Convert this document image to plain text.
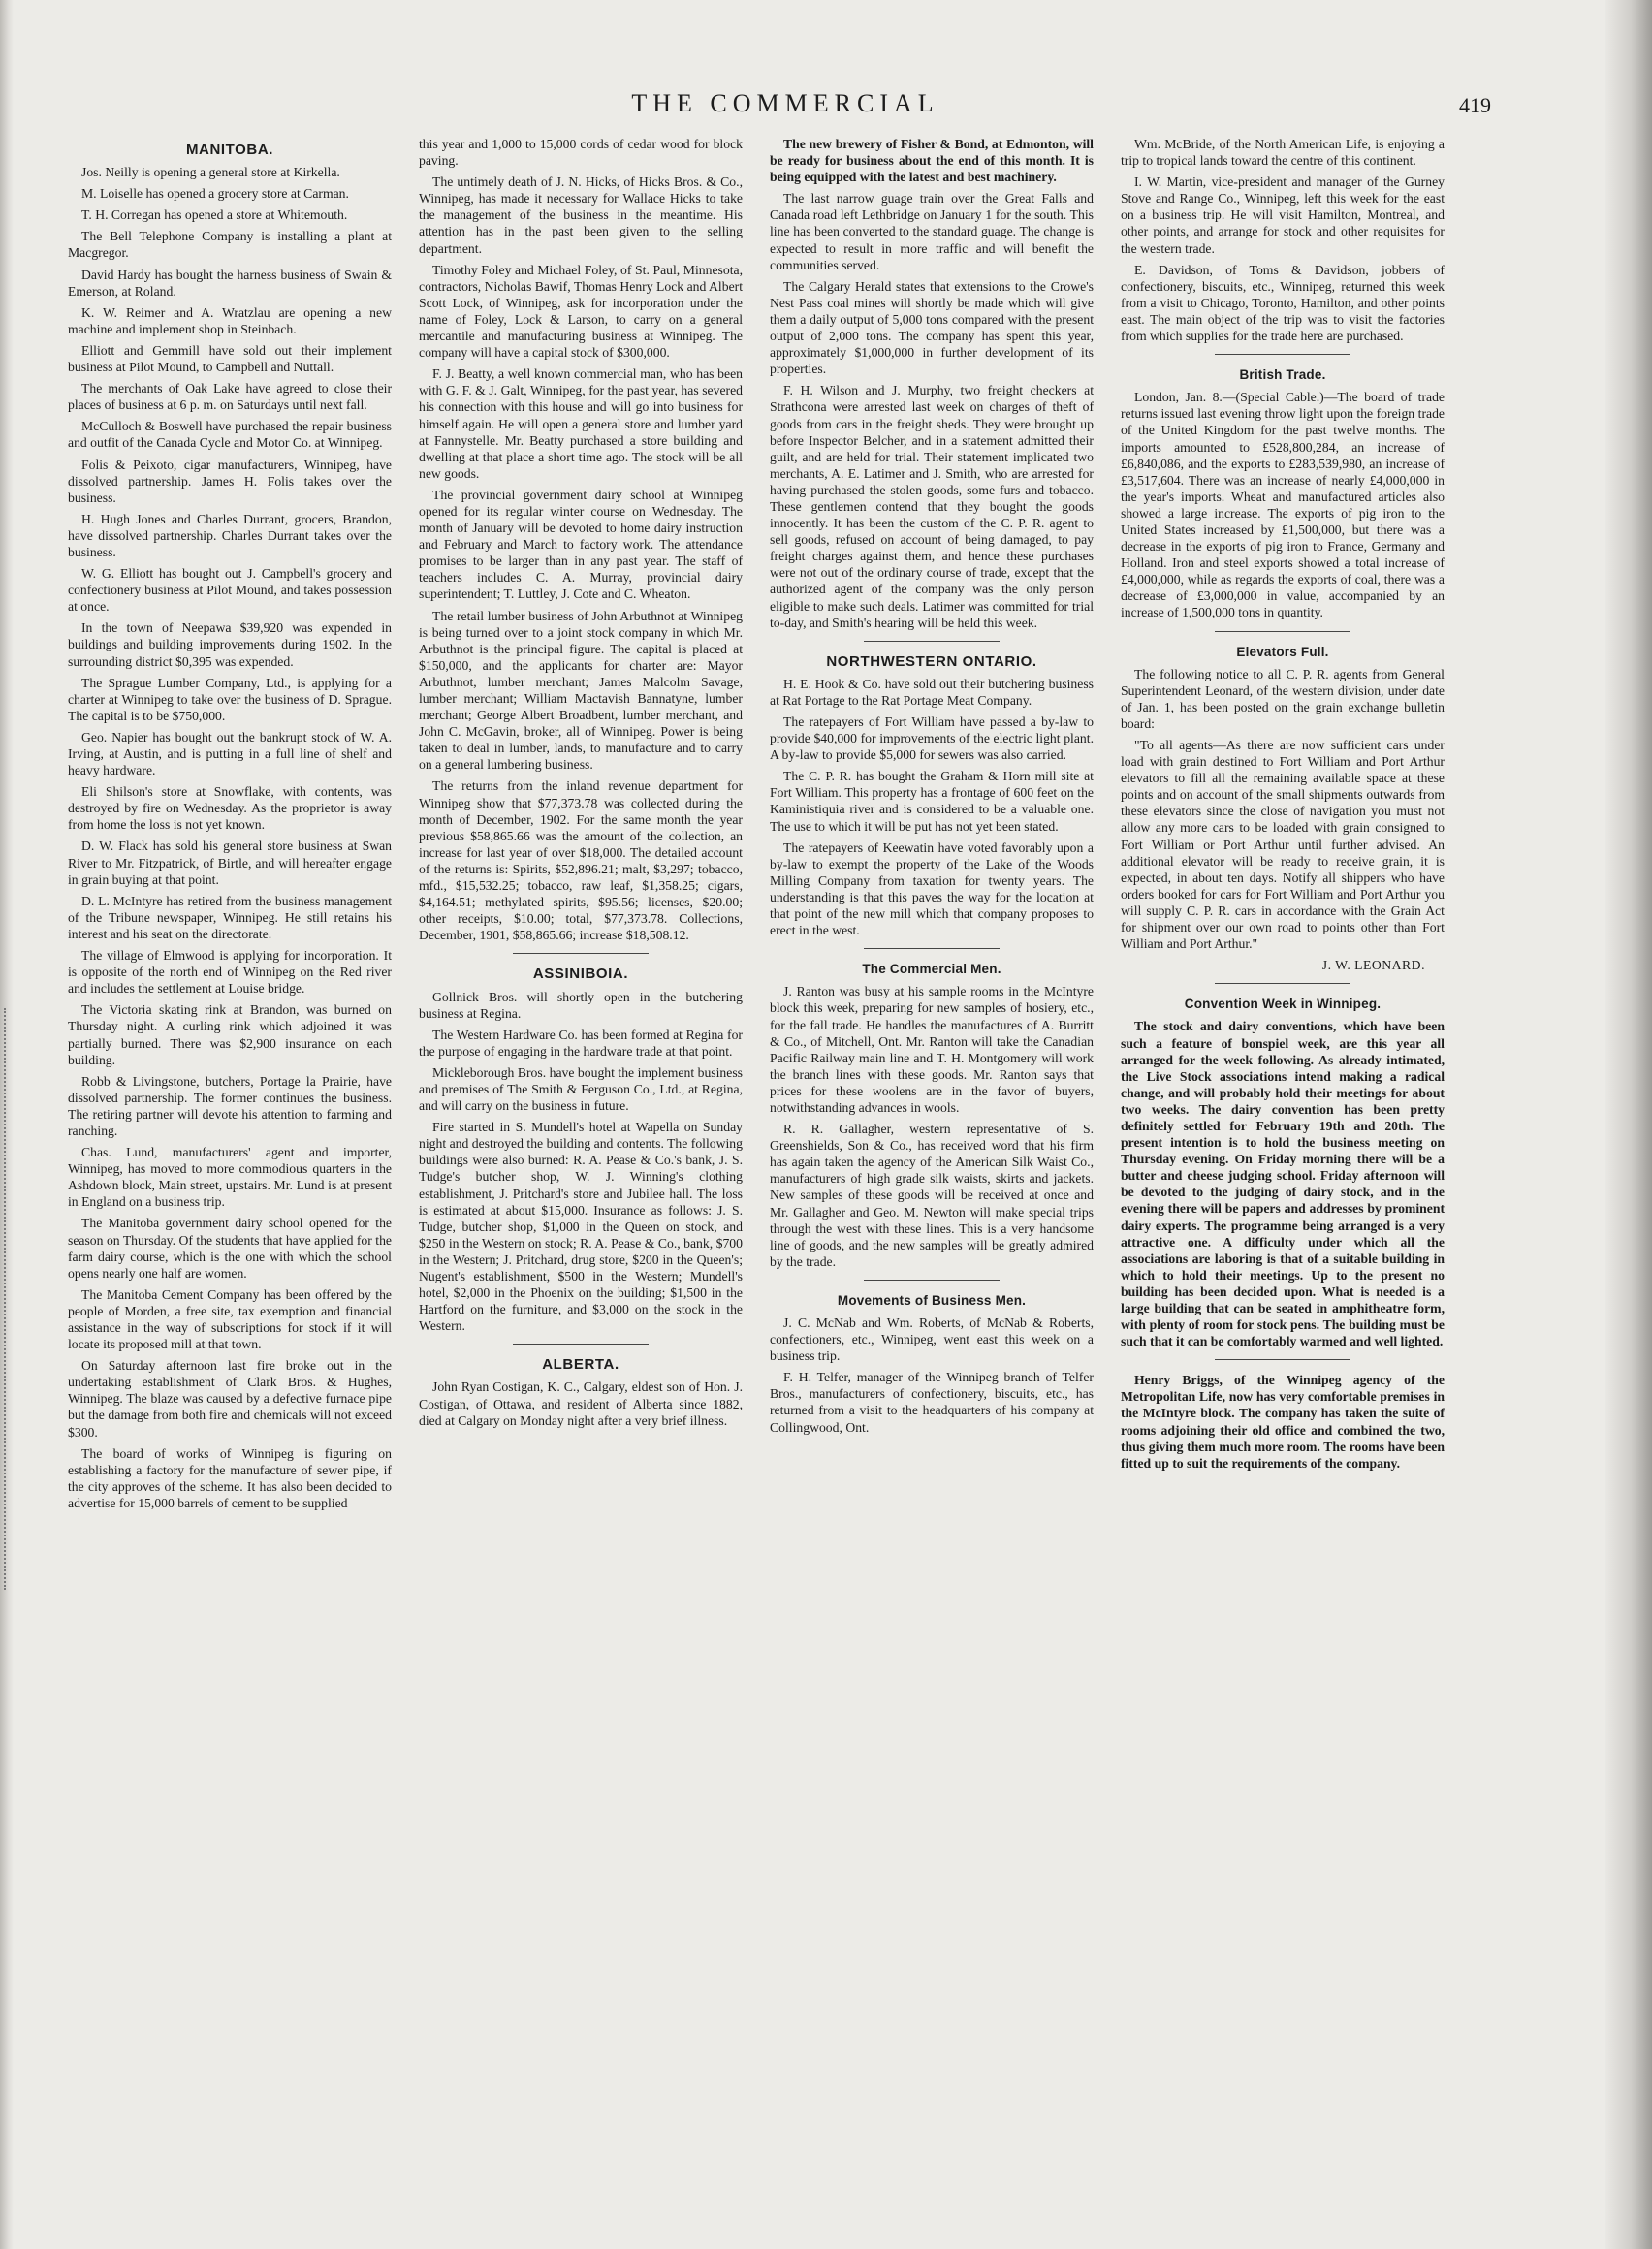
THE COMMERCIAL	419
MANITOBA.

Jos. Neilly is opening a general store at Kirkella.

M. Loiselle has opened a grocery store at Carman.

T. H. Corregan has opened a store at Whitemouth.

The Bell Telephone Company is installing a plant at Macgregor.

David Hardy has bought the harness business of Swain & Emerson, at Roland.

K. W. Reimer and A. Wratzlau are opening a new machine and implement shop in Steinbach.

Elliott and Gemmill have sold out their implement business at Pilot Mound, to Campbell and Nuttall.

The merchants of Oak Lake have agreed to close their places of business at 6 p. m. on Saturdays until next fall.

McCulloch & Boswell have purchased the repair business and outfit of the Canada Cycle and Motor Co. at Winnipeg.

Folis & Peixoto, cigar manufacturers, Winnipeg, have dissolved partnership. James H. Folis takes over the business.

H. Hugh Jones and Charles Durrant, grocers, Brandon, have dissolved partnership. Charles Durrant takes over the business.

W. G. Elliott has bought out J. Campbell's grocery and confectionery business at Pilot Mound, and takes possession at once.

In the town of Neepawa $39,920 was expended in buildings and building improvements during 1902. In the surrounding district $0,395 was expended.

The Sprague Lumber Company, Ltd., is applying for a charter at Winnipeg to take over the business of D. Sprague. The capital is to be $750,000.

Geo. Napier has bought out the bankrupt stock of W. A. Irving, at Austin, and is putting in a full line of shelf and heavy hardware.

Eli Shilson's store at Snowflake, with contents, was destroyed by fire on Wednesday. As the proprietor is away from home the loss is not yet known.

D. W. Flack has sold his general store business at Swan River to Mr. Fitzpatrick, of Birtle, and will hereafter engage in grain buying at that point.

D. L. McIntyre has retired from the business management of the Tribune newspaper, Winnipeg. He still retains his interest and his seat on the directorate.

The village of Elmwood is applying for incorporation. It is opposite of the north end of Winnipeg on the Red river and includes the settlement at Louise bridge.

The Victoria skating rink at Brandon, was burned on Thursday night. A curling rink which adjoined it was partially burned. There was $2,900 insurance on each building.

Robb & Livingstone, butchers, Portage la Prairie, have dissolved partnership. The former continues the business. The retiring partner will devote his attention to farming and ranching.

Chas. Lund, manufacturers' agent and importer, Winnipeg, has moved to more commodious quarters in the Ashdown block, Main street, upstairs. Mr. Lund is at present in England on a business trip.

The Manitoba government dairy school opened for the season on Thursday. Of the students that have applied for the farm dairy course, which is the one with which the school opens nearly one half are women.

The Manitoba Cement Company has been offered by the people of Morden, a free site, tax exemption and financial assistance in the way of subscriptions for stock if it will locate its proposed mill at that town.

On Saturday afternoon last fire broke out in the undertaking establishment of Clark Bros. & Hughes, Winnipeg. The blaze was caused by a defective furnace pipe but the damage from both fire and chemicals will not exceed $300.

The board of works of Winnipeg is figuring on establishing a factory for the manufacture of sewer pipe, if the city approves of the scheme. It has also been decided to advertise for 15,000 barrels of cement to be supplied

this year and 1,000 to 15,000 cords of cedar wood for block paving.

The untimely death of J. N. Hicks, of Hicks Bros. & Co., Winnipeg, has made it necessary for Wallace Hicks to take the management of the business in the meantime. His attention has in the past been given to the selling department.

Timothy Foley and Michael Foley, of St. Paul, Minnesota, contractors, Nicholas Bawif, Thomas Henry Lock and Albert Scott Lock, of Winnipeg, ask for incorporation under the name of Foley, Lock & Larson, to carry on a general mercantile and manufacturing business at Winnipeg. The company will have a capital stock of $300,000.

F. J. Beatty, a well known commercial man, who has been with G. F. & J. Galt, Winnipeg, for the past year, has severed his connection with this house and will go into business for himself again. He will open a general store and lumber yard at Fannystelle. Mr. Beatty purchased a store building and dwelling at that place a short time ago. The stock will be all new goods.

The provincial government dairy school at Winnipeg opened for its regular winter course on Wednesday. The month of January will be devoted to home dairy instruction and February and March to factory work. The attendance promises to be larger than in any past year. The staff of teachers includes C. A. Murray, provincial dairy superintendent; T. Luttley, J. Cote and C. Wheaton.

The retail lumber business of John Arbuthnot at Winnipeg is being turned over to a joint stock company in which Mr. Arbuthnot is the principal figure. The capital is placed at $150,000, and the applicants for charter are: Mayor Arbuthnot, lumber merchant; James Malcolm Savage, lumber merchant; William Mactavish Bannatyne, lumber merchant; George Albert Broadbent, lumber merchant, and John C. McGavin, broker, all of Winnipeg. Power is being taken to deal in lumber, lands, to manufacture and to carry on a general lumbering business.

The returns from the inland revenue department for Winnipeg show that $77,373.78 was collected during the month of December, 1902. For the same month the year previous $58,865.66 was the amount of the collection, an increase for last year of over $18,000. The detailed account of the returns is: Spirits, $52,896.21; malt, $3,297; tobacco, mfd., $15,532.25; tobacco, raw leaf, $1,358.25; cigars, $4,164.51; methylated spirits, $95.56; licenses, $20.00; other receipts, $10.00; total, $77,373.78. Collections, December, 1901, $58,865.66; increase $18,508.12.

ASSINIBOIA.

Gollnick Bros. will shortly open in the butchering business at Regina.

The Western Hardware Co. has been formed at Regina for the purpose of engaging in the hardware trade at that point.

Mickleborough Bros. have bought the implement business and premises of The Smith & Ferguson Co., Ltd., at Regina, and will carry on the business in future.

Fire started in S. Mundell's hotel at Wapella on Sunday night and destroyed the building and contents. The following buildings were also burned: R. A. Pease & Co.'s bank, J. S. Tudge's butcher shop, W. J. Winning's clothing establishment, J. Pritchard's store and Jubilee hall. The loss is estimated at about $15,000. Insurance as follows: J. S. Tudge, butcher shop, $1,000 in the Queen on stock, and $250 in the Western on stock; R. A. Pease & Co., bank, $700 in the Western; J. Pritchard, drug store, $200 in the Queen's; Nugent's establishment, $500 in the Western; Mundell's hotel, $2,000 in the Phoenix on the building; $1,500 in the Hartford on the furniture, and $3,000 on the stock in the Western.

ALBERTA.

John Ryan Costigan, K. C., Calgary, eldest son of Hon. J. Costigan, of Ottawa, and resident of Alberta since 1882, died at Calgary on Monday night after a very brief illness.

The new brewery of Fisher & Bond, at Edmonton, will be ready for business about the end of this month. It is being equipped with the latest and best machinery.

The last narrow guage train over the Great Falls and Canada road left Lethbridge on January 1 for the south. This line has been converted to the standard guage. The change is expected to result in more traffic and will benefit the communities served.

The Calgary Herald states that extensions to the Crowe's Nest Pass coal mines will shortly be made which will give them a daily output of 5,000 tons compared with the present output of 2,000 tons. The company has spent this year, approximately $1,000,000 in further development of its properties.

F. H. Wilson and J. Murphy, two freight checkers at Strathcona were arrested last week on charges of theft of goods from cars in the freight sheds. They were brought up before Inspector Belcher, and in a statement admitted their guilt, and are held for trial. Their statement implicated two merchants, A. E. Latimer and J. Smith, who are arrested for having purchased the stolen goods, some furs and tobacco. These gentlemen contend that they bought the goods innocently. It has been the custom of the C. P. R. agent to sell goods, refused on account of being damaged, to pay freight charges against them, and hence these purchases were not out of the ordinary course of trade, except that the authorized agent of the company was the only person eligible to make such deals. Latimer was committed for trial to-day, and Smith's hearing will be held this week.

NORTHWESTERN ONTARIO.

H. E. Hook & Co. have sold out their butchering business at Rat Portage to the Rat Portage Meat Company.

The ratepayers of Fort William have passed a by-law to provide $40,000 for improvements of the electric light plant. A by-law to provide $5,000 for sewers was also carried.

The C. P. R. has bought the Graham & Horn mill site at Fort William. This property has a frontage of 600 feet on the Kaministiquia river and is considered to be a valuable one. The use to which it will be put has not yet been stated.

The ratepayers of Keewatin have voted favorably upon a by-law to exempt the property of the Lake of the Woods Milling Company from taxation for twenty years. The understanding is that this paves the way for the location at that point of the new mill which that company proposes to erect in the west.

The Commercial Men.

J. Ranton was busy at his sample rooms in the McIntyre block this week, preparing for new samples of hosiery, etc., for the fall trade. He handles the manufactures of A. Burritt & Co., of Mitchell, Ont. Mr. Ranton will take the Canadian Pacific Railway main line and T. H. Montgomery will work the branch lines with these goods. Mr. Ranton says that prices for these woolens are in the favor of buyers, notwithstanding advances in wools.

R. R. Gallagher, western representative of S. Greenshields, Son & Co., has received word that his firm has again taken the agency of the American Silk Waist Co., manufacturers of high grade silk waists, skirts and jackets. New samples of these goods will be received at once and Mr. Gallagher and Geo. M. Newton will make special trips through the west with these lines. This is a very handsome line of goods, and the new samples will be greatly admired by the trade.

Movements of Business Men.

J. C. McNab and Wm. Roberts, of McNab & Roberts, confectioners, etc., Winnipeg, went east this week on a business trip.

F. H. Telfer, manager of the Winnipeg branch of Telfer Bros., manufacturers of confectionery, biscuits, etc., has returned from a visit to the headquarters of his company at Collingwood, Ont.

Wm. McBride, of the North American Life, is enjoying a trip to tropical lands toward the centre of this continent.

I. W. Martin, vice-president and manager of the Gurney Stove and Range Co., Winnipeg, left this week for the east on a business trip. He will visit Hamilton, Montreal, and other points, and arrange for stock and other requisites for the western trade.

E. Davidson, of Toms & Davidson, jobbers of confectionery, biscuits, etc., Winnipeg, returned this week from a visit to Chicago, Toronto, Hamilton, and other points east. The main object of the trip was to visit the factories from which supplies for the trade here are purchased.

British Trade.

London, Jan. 8.—(Special Cable.)—The board of trade returns issued last evening throw light upon the foreign trade of the United Kingdom for the past twelve months. The imports amounted to £528,800,284, an increase of £6,840,086, and the exports to £283,539,980, an increase of £3,517,604. There was an increase of nearly £4,000,000 in the year's imports. Wheat and manufactured articles also showed a large increase. The exports of pig iron to the United States increased by £1,500,000, but there was a decrease in the exports of pig iron to France, Germany and Holland. Iron and steel exports showed a total increase of £4,000,000, while as regards the exports of coal, there was a decrease of £3,000,000 in value, accompanied by an increase of 1,500,000 tons in quantity.

Elevators Full.

The following notice to all C. P. R. agents from General Superintendent Leonard, of the western division, under date of Jan. 1, has been posted on the grain exchange bulletin board:

"To all agents—As there are now sufficient cars under load with grain destined to Fort William and Port Arthur elevators to fill all the remaining available space at these points and on account of the small shipments outwards from these elevators since the close of navigation you must not allow any more cars to be loaded with grain consigned to Fort William or Port Arthur until further advised. An additional elevator will be ready to receive grain, it is expected, in about ten days. Notify all shippers who have orders booked for cars for Fort William and Port Arthur you will supply C. P. R. cars in accordance with the Grain Act for shipment over our own road to points other than Fort William and Port Arthur."

J. W. LEONARD.
Convention Week in Winnipeg.

The stock and dairy conventions, which have been such a feature of bonspiel week, are this year all arranged for the week following. As already intimated, the Live Stock associations intend making a radical change, and will probably hold their meetings for about two weeks. The dairy convention has been pretty definitely settled for February 19th and 20th. The present intention is to hold the business meeting on Thursday evening. On Friday morning there will be a butter and cheese judging school. Friday afternoon will be devoted to the judging of dairy stock, and in the evening there will be papers and addresses by prominent dairy experts. The programme being arranged is a very attractive one. A difficulty under which all the associations are laboring is that of a suitable building in which to hold their meetings. Up to the present no building has been decided upon. What is needed is a large building that can be seated in amphitheatre form, with plenty of room for stock pens. The building must be such that it can be comfortably warmed and well lighted.

Henry Briggs, of the Winnipeg agency of the Metropolitan Life, now has very comfortable premises in the McIntyre block. The company has taken the suite of rooms adjoining their old office and combined the two, thus giving them much more room. The rooms have been fitted up to suit the requirements of the company.
